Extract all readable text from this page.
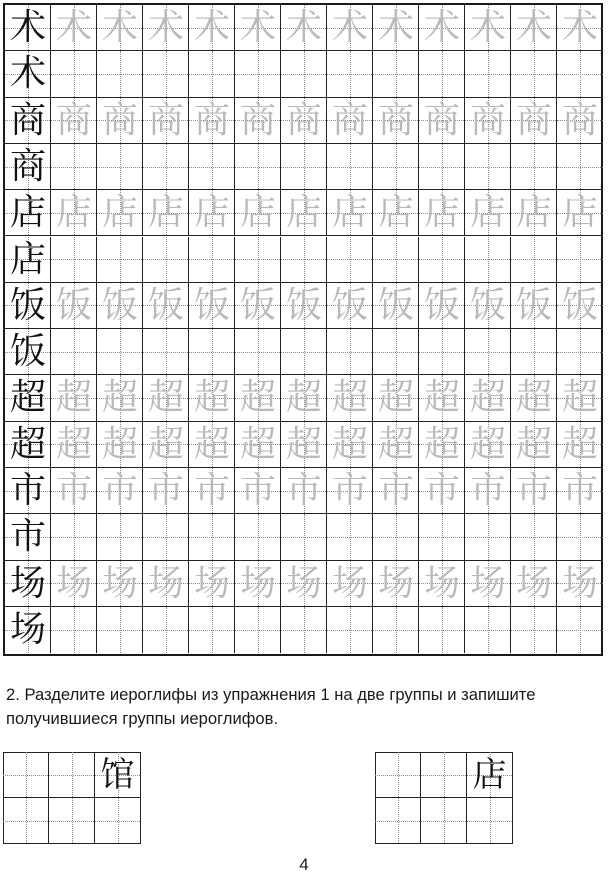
术 术 术 术 术 术 术 术 术 术 术 术 术
术
商 商 商 商 商 商 商 商 商 商 商 商 商
商
店 店 店 店 店 店 店 店 店 店 店 店 店
店
饭 饭 饭 饭 饭 饭 饭 饭 饭 饭 饭 饭 饭
饭
超 超 超 超 超 超 超 超 超 超 超 超 超
超 超 超 超 超 超 超 超 超 超 超 超 超
市 市 市 市 市 市 市 市 市 市 市 市 市
市
场 场 场 场 场 场 场 场 场 场 场 场 场
场
2. Разделите иероглифы из упражнения 1 на две группы и запишите
получившиеся группы иероглифов.
馆	店
4
